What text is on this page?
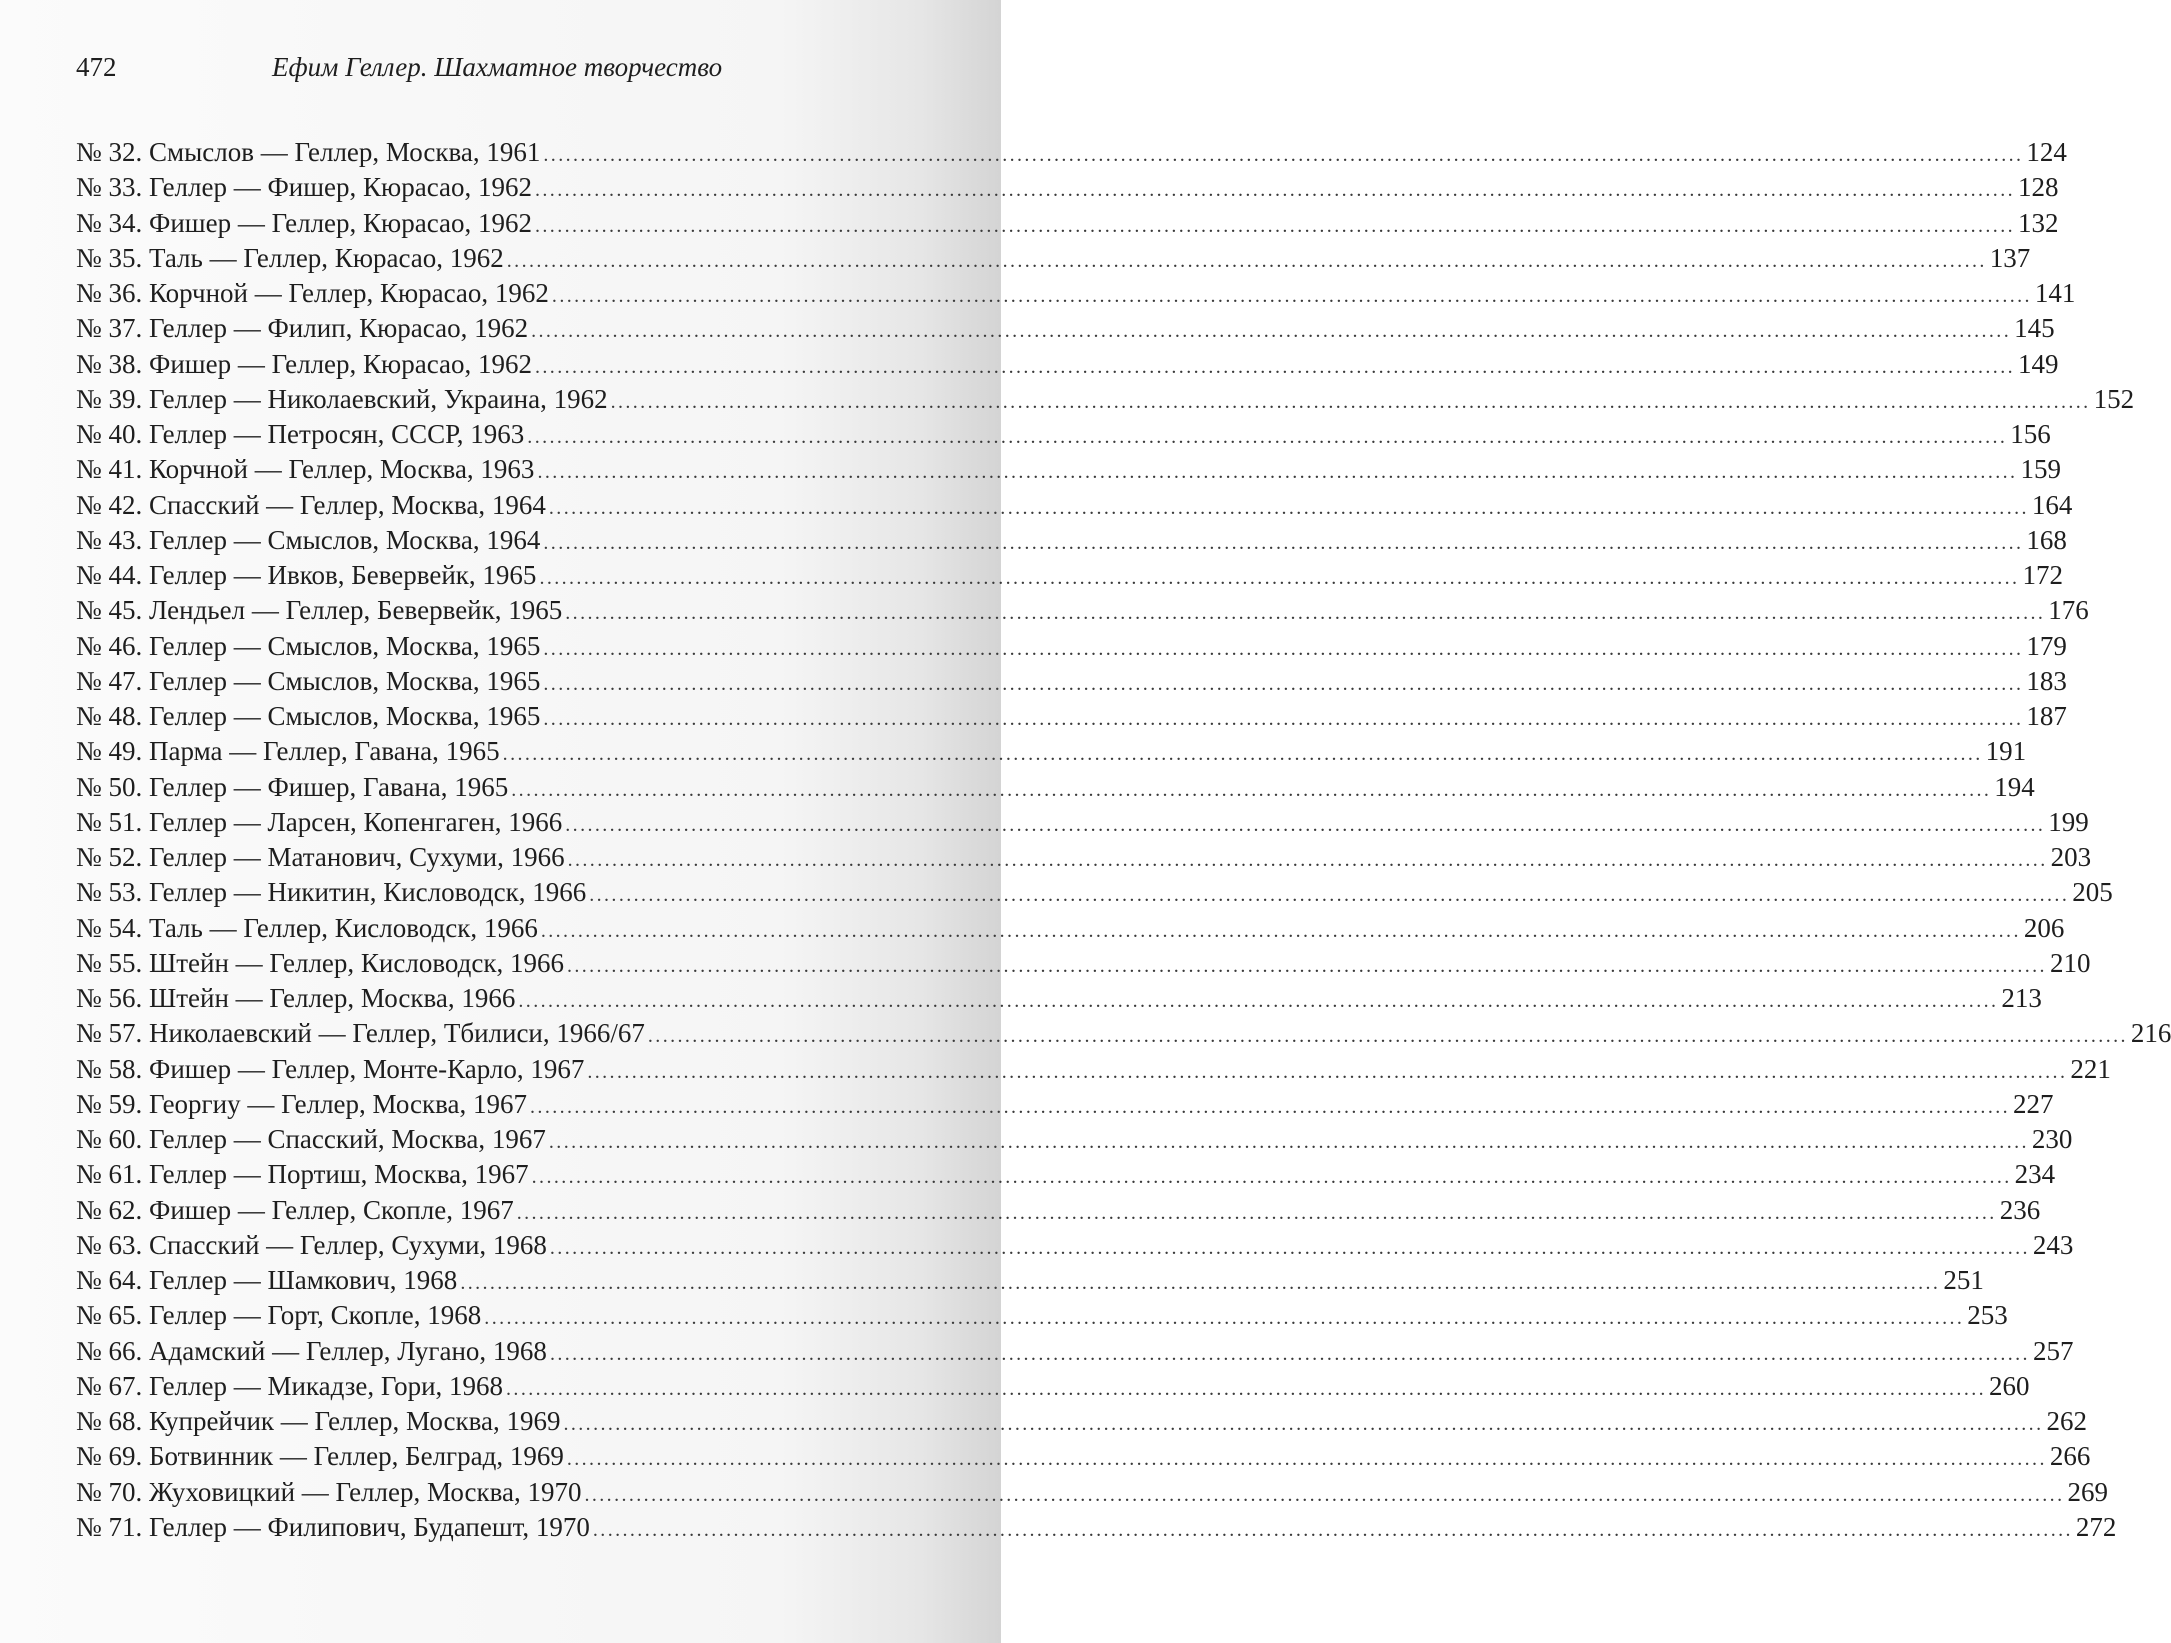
472	Ефим Геллер. Шахматное творчество
№ 32. Смыслов — Геллер, Москва, 1961 ........................................................................................................................................................................................................ 124
№ 33. Геллер — Фишер, Кюрасао, 1962 ........................................................................................................................................................................................................ 128
№ 34. Фишер — Геллер, Кюрасао, 1962 ........................................................................................................................................................................................................ 132
№ 35. Таль — Геллер, Кюрасао, 1962 ........................................................................................................................................................................................................ 137
№ 36. Корчной — Геллер, Кюрасао, 1962 ........................................................................................................................................................................................................ 141
№ 37. Геллер — Филип, Кюрасао, 1962 ........................................................................................................................................................................................................ 145
№ 38. Фишер — Геллер, Кюрасао, 1962 ........................................................................................................................................................................................................ 149
№ 39. Геллер — Николаевский, Украина, 1962 ........................................................................................................................................................................................................ 152
№ 40. Геллер — Петросян, СССР, 1963 ........................................................................................................................................................................................................ 156
№ 41. Корчной — Геллер, Москва, 1963 ........................................................................................................................................................................................................ 159
№ 42. Спасский — Геллер, Москва, 1964 ........................................................................................................................................................................................................ 164
№ 43. Геллер — Смыслов, Москва, 1964 ........................................................................................................................................................................................................ 168
№ 44. Геллер — Ивков, Бевервейк, 1965 ........................................................................................................................................................................................................ 172
№ 45. Лендьел — Геллер, Бевервейк, 1965 ........................................................................................................................................................................................................ 176
№ 46. Геллер — Смыслов, Москва, 1965 ........................................................................................................................................................................................................ 179
№ 47. Геллер — Смыслов, Москва, 1965 ........................................................................................................................................................................................................ 183
№ 48. Геллер — Смыслов, Москва, 1965 ........................................................................................................................................................................................................ 187
№ 49. Парма — Геллер, Гавана, 1965 ........................................................................................................................................................................................................ 191
№ 50. Геллер — Фишер, Гавана, 1965 ........................................................................................................................................................................................................ 194
№ 51. Геллер — Ларсен, Копенгаген, 1966 ........................................................................................................................................................................................................ 199
№ 52. Геллер — Матанович, Сухуми, 1966 ........................................................................................................................................................................................................ 203
№ 53. Геллер — Никитин, Кисловодск, 1966 ........................................................................................................................................................................................................ 205
№ 54. Таль — Геллер, Кисловодск, 1966 ........................................................................................................................................................................................................ 206
№ 55. Штейн — Геллер, Кисловодск, 1966 ........................................................................................................................................................................................................ 210
№ 56. Штейн — Геллер, Москва, 1966 ........................................................................................................................................................................................................ 213
№ 57. Николаевский — Геллер, Тбилиси, 1966/67 ........................................................................................................................................................................................................ 216
№ 58. Фишер — Геллер, Монте-Карло, 1967 ........................................................................................................................................................................................................ 221
№ 59. Георгиу — Геллер, Москва, 1967 ........................................................................................................................................................................................................ 227
№ 60. Геллер — Спасский, Москва, 1967 ........................................................................................................................................................................................................ 230
№ 61. Геллер — Портиш, Москва, 1967 ........................................................................................................................................................................................................ 234
№ 62. Фишер — Геллер, Скопле, 1967 ........................................................................................................................................................................................................ 236
№ 63. Спасский — Геллер, Сухуми, 1968 ........................................................................................................................................................................................................ 243
№ 64. Геллер — Шамкович, 1968 ........................................................................................................................................................................................................ 251
№ 65. Геллер — Горт, Скопле, 1968 ........................................................................................................................................................................................................ 253
№ 66. Адамский — Геллер, Лугано, 1968 ........................................................................................................................................................................................................ 257
№ 67. Геллер — Микадзе, Гори, 1968 ........................................................................................................................................................................................................ 260
№ 68. Купрейчик — Геллер, Москва, 1969 ........................................................................................................................................................................................................ 262
№ 69. Ботвинник — Геллер, Белград, 1969 ........................................................................................................................................................................................................ 266
№ 70. Жуховицкий — Геллер, Москва, 1970 ........................................................................................................................................................................................................ 269
№ 71. Геллер — Филипович, Будапешт, 1970 ........................................................................................................................................................................................................ 272
